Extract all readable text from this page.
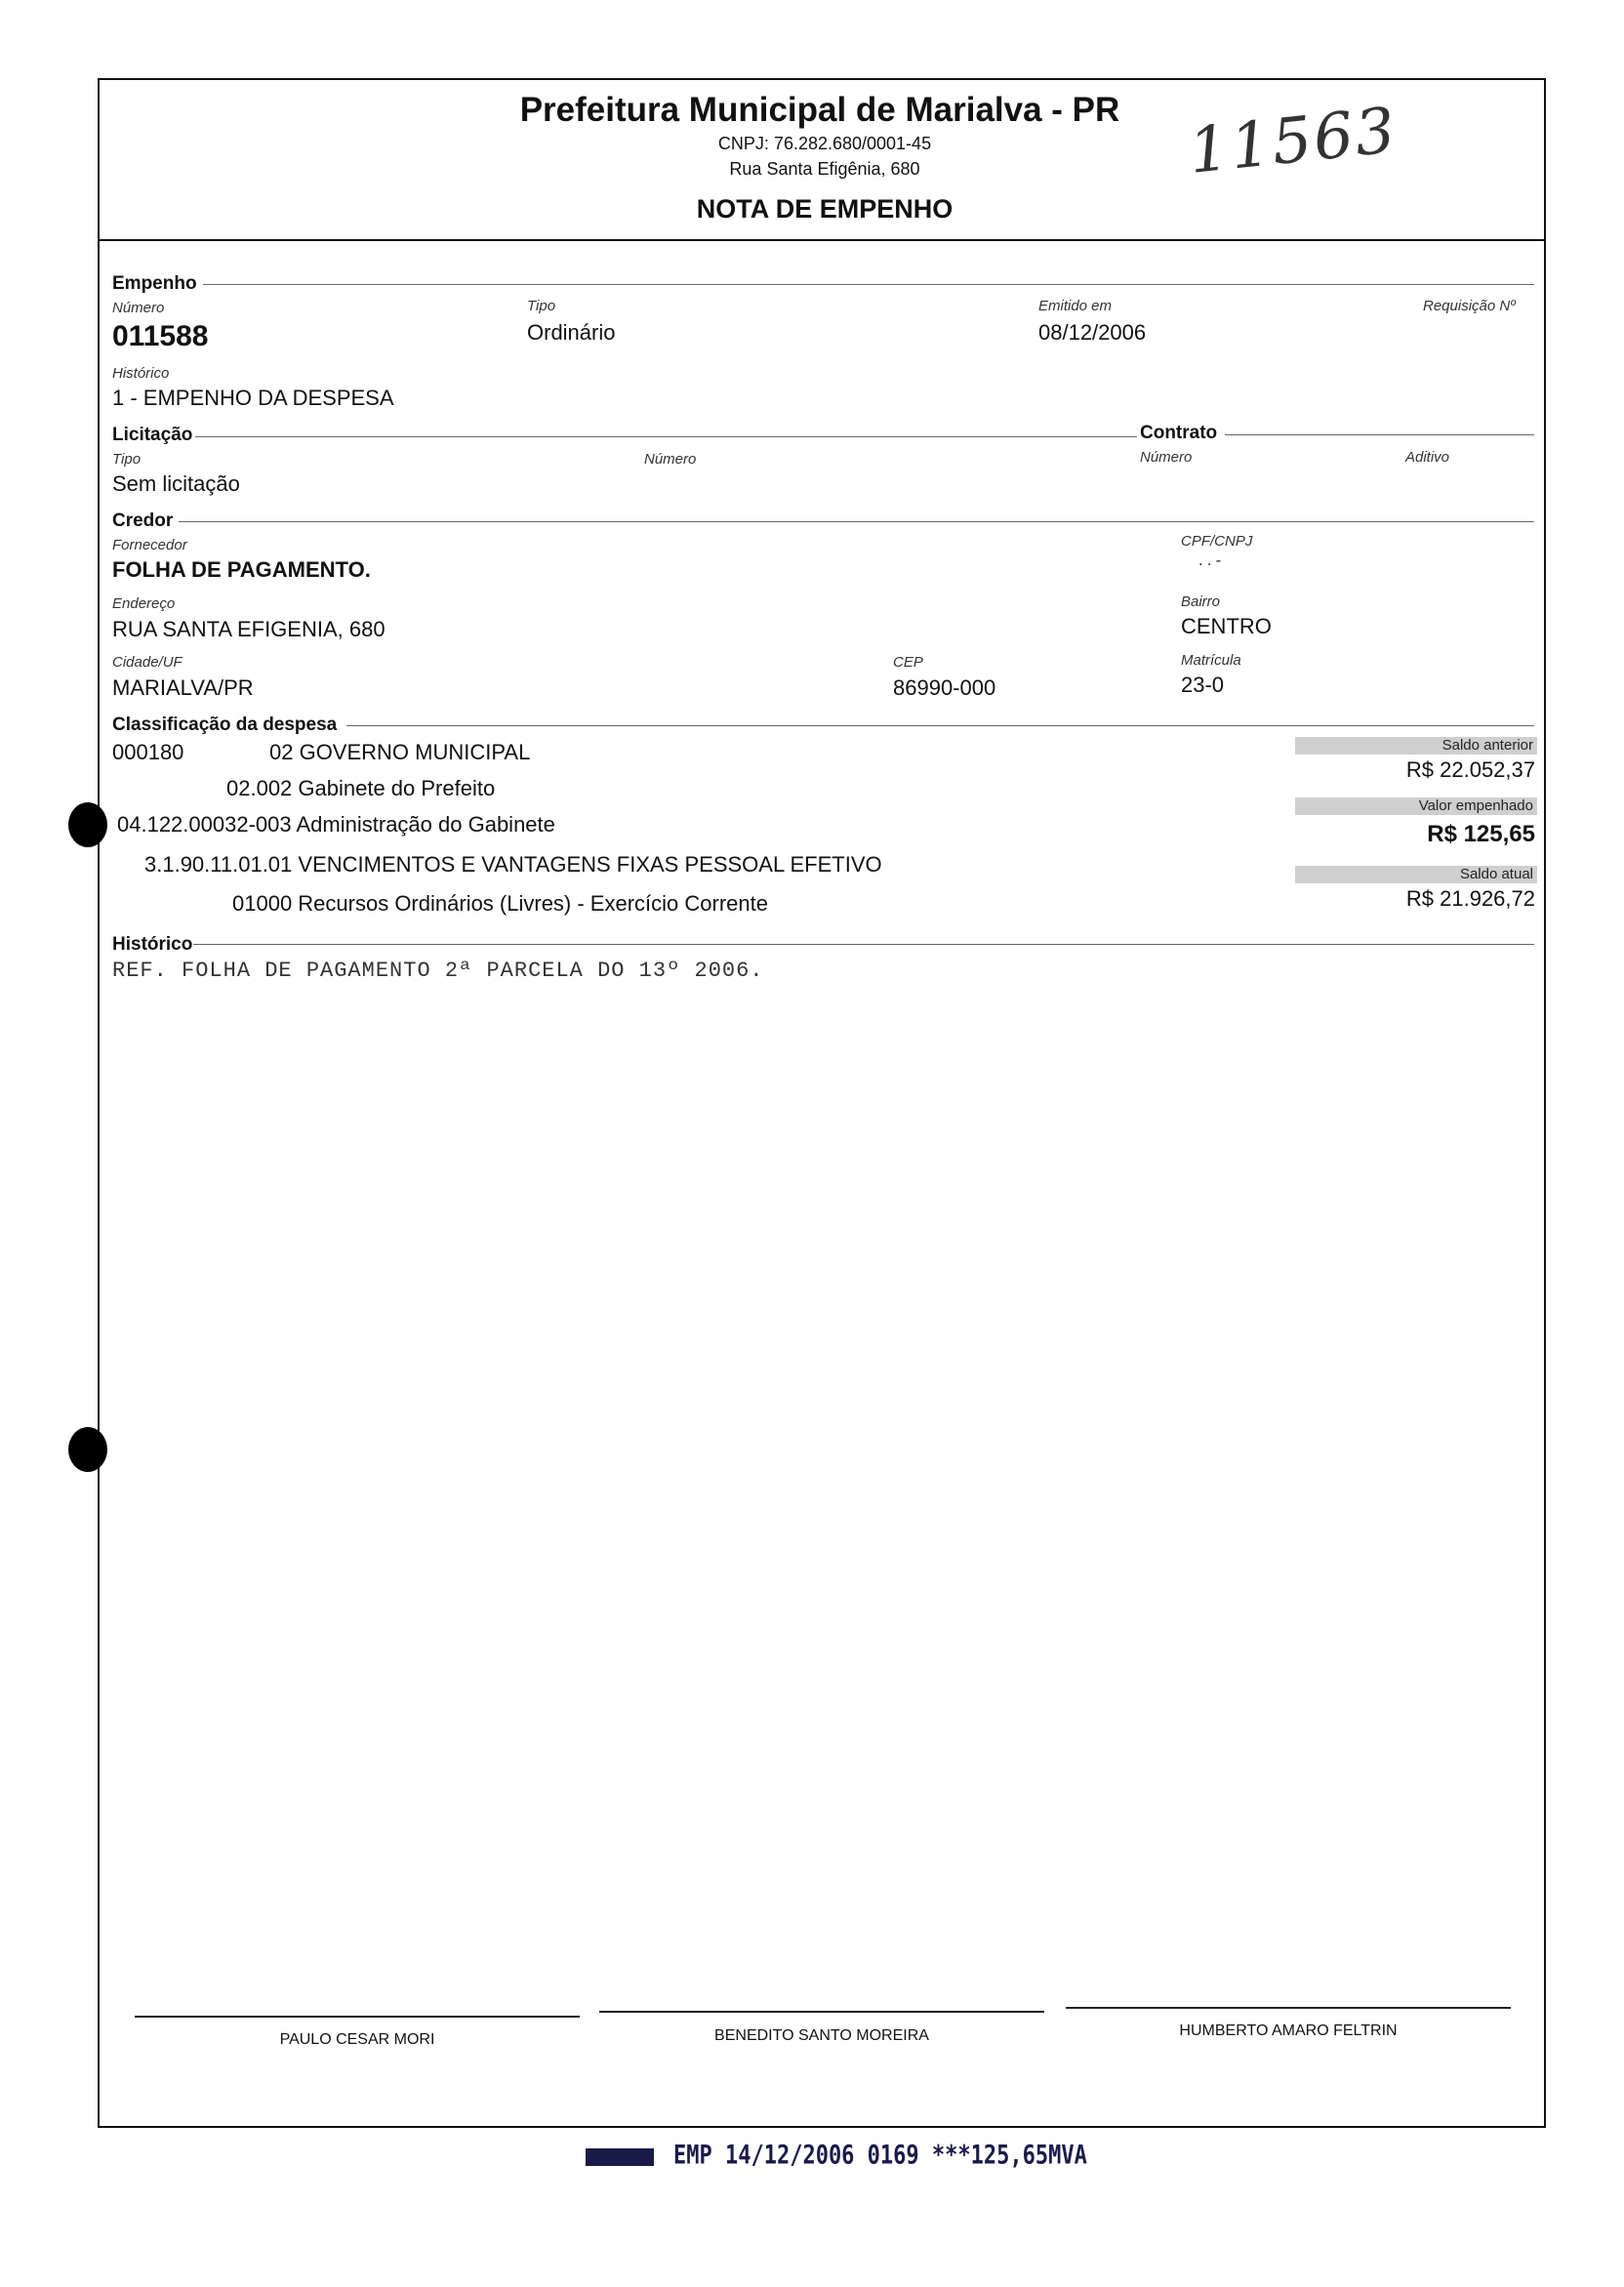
Prefeitura Municipal de Marialva - PR
CNPJ: 76.282.680/0001-45
Rua Santa Efigênia, 680
NOTA DE EMPENHO
11563
Empenho
Número
011588
Tipo
Ordinário
Emitido em
08/12/2006
Requisição Nº
Histórico
1 - EMPENHO DA DESPESA
Licitação	Contrato
Tipo
Sem licitação
Número	Número	Aditivo
Credor
Fornecedor
FOLHA DE PAGAMENTO.
CPF/CNPJ
. . -
Endereço
RUA SANTA EFIGENIA, 680
Bairro
CENTRO
Cidade/UF
MARIALVA/PR
CEP
86990-000
Matrícula
23-0
Classificação da despesa
000180	02 GOVERNO MUNICIPAL
02.002 Gabinete do Prefeito
04.122.00032-003 Administração do Gabinete
3.1.90.11.01.01 VENCIMENTOS E VANTAGENS FIXAS PESSOAL EFETIVO
01000 Recursos Ordinários (Livres) - Exercício Corrente
Saldo anterior
R$ 22.052,37
Valor empenhado
R$ 125,65
Saldo atual
R$ 21.926,72
Histórico
REF. FOLHA DE PAGAMENTO 2ª PARCELA DO 13º 2006.
PAULO CESAR MORI	BENEDITO SANTO MOREIRA	HUMBERTO AMARO FELTRIN
EMP 14/12/2006 0169 ***125,65MVA
